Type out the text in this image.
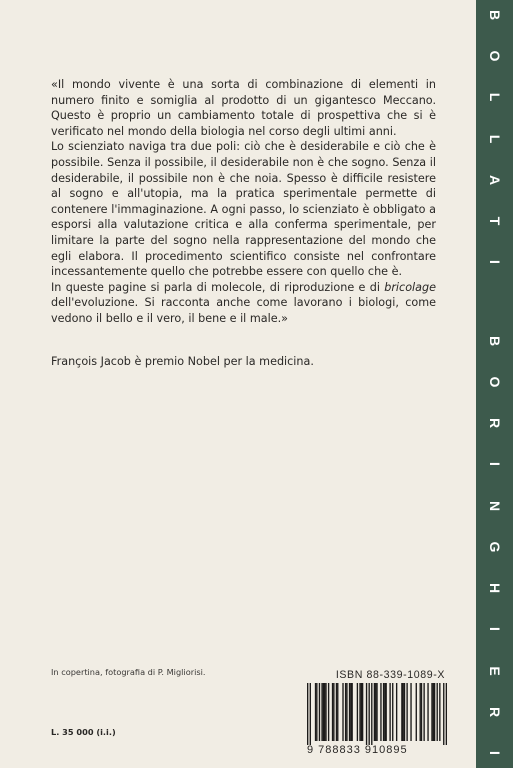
«Il mondo vivente è una sorta di combinazione di elementi in numero finito e somiglia al prodotto di un gigantesco Meccano. Questo è proprio un cambiamento totale di prospettiva che si è verificato nel mondo della biologia nel corso degli ultimi anni.

Lo scienziato naviga tra due poli: ciò che è desiderabile e ciò che è possibile. Senza il possibile, il desiderabile non è che sogno. Senza il desiderabile, il possibile non è che noia. Spesso è difficile resistere al sogno e all'utopia, ma la pratica sperimentale permette di contenere l'immaginazione. A ogni passo, lo scienziato è obbligato a esporsi alla valutazione critica e alla conferma sperimentale, per limitare la parte del sogno nella rappresentazione del mondo che egli elabora. Il procedimento scientifico consiste nel confrontare incessantemente quello che potrebbe essere con quello che è.

In queste pagine si parla di molecole, di riproduzione e di bricolage dell'evoluzione. Si racconta anche come lavorano i biologi, come vedono il bello e il vero, il bene e il male.»

François Jacob è premio Nobel per la medicina.
In copertina, fotografia di P. Migliorisi.
L. 35 000 (i.i.)
ISBN 88-339-1089-X
9 788833 910895
B
O
L
L
A
T
I
B
O
R
I
N
G
H
I
E
R
I
